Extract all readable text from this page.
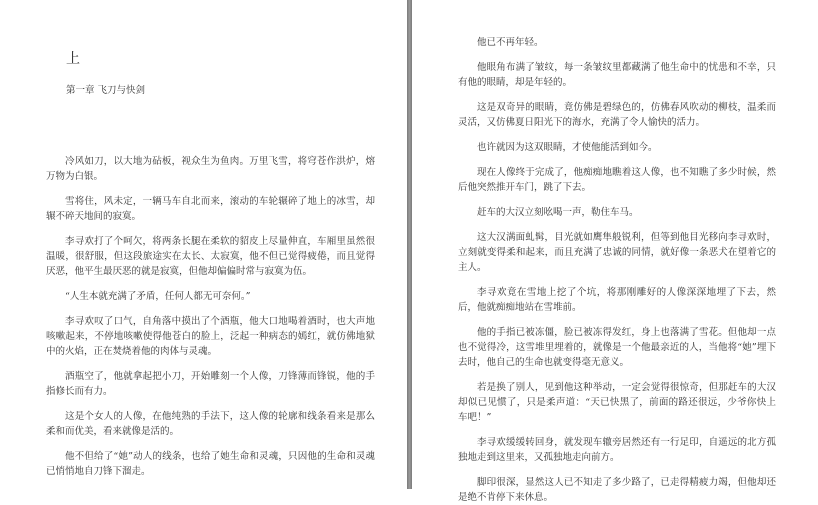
上
第一章 飞刀与快剑

冷风如刀，以大地为砧板，视众生为鱼肉。万里飞雪，将穹苍作洪炉，熔万物为白银。

雪将住，风未定，一辆马车自北而来，滚动的车轮辗碎了地上的冰雪，却辗不碎天地间的寂寞。

李寻欢打了个呵欠，将两条长腿在柔软的貂皮上尽量伸直，车厢里虽然很温暖，很舒服，但这段旅途实在太长、太寂寞，他不但已觉得疲倦，而且觉得厌恶，他平生最厌恶的就是寂寞，但他却偏偏时常与寂寞为伍。

“人生本就充满了矛盾，任何人都无可奈何。”

李寻欢叹了口气，自角落中摸出了个酒瓶，他大口地喝着酒时，也大声地咳嗽起来，不停地咳嗽使得他苍白的脸上，泛起一种病态的嫣红，就仿佛地狱中的火焰，正在焚烧着他的肉体与灵魂。

酒瓶空了，他就拿起把小刀，开始雕刻一个人像，刀锋薄而锋锐，他的手指修长而有力。

这是个女人的人像，在他纯熟的手法下，这人像的轮廓和线条看来是那么柔和而优美，看来就像是活的。

他不但给了“她”动人的线条，也给了她生命和灵魂，只因他的生命和灵魂已悄悄地自刀锋下溜走。

他已不再年轻。

他眼角布满了皱纹，每一条皱纹里都藏满了他生命中的忧患和不幸，只有他的眼睛，却是年轻的。

这是双奇异的眼睛，竟仿佛是碧绿色的，仿佛春风吹动的柳枝，温柔而灵活，又仿佛夏日阳光下的海水，充满了令人愉快的活力。

也许就因为这双眼睛，才使他能活到如今。

现在人像终于完成了，他痴痴地瞧着这人像，也不知瞧了多少时候，然后他突然推开车门，跳了下去。

赶车的大汉立刻吆喝一声，勒住车马。

这大汉满面虬髯，目光就如鹰隼般锐利，但等到他目光移向李寻欢时，立刻就变得柔和起来，而且充满了忠诚的同情，就好像一条恶犬在望着它的主人。

李寻欢竟在雪地上挖了个坑，将那刚雕好的人像深深地埋了下去，然后，他就痴痴地站在雪堆前。

他的手指已被冻僵，脸已被冻得发红，身上也落满了雪花。但他却一点也不觉得冷，这雪堆里埋着的，就像是一个他最亲近的人，当他将“她”埋下去时，他自己的生命也就变得毫无意义。

若是换了别人，见到他这种举动，一定会觉得很惊奇，但那赶车的大汉却似已见惯了，只是柔声道：“天已快黑了，前面的路还很远，少爷你快上车吧！”

李寻欢缓缓转回身，就发现车辙旁居然还有一行足印，自遥远的北方孤独地走到这里来，又孤独地走向前方。

脚印很深，显然这人已不知走了多少路了，已走得精疲力竭，但他却还是绝不肯停下来休息。
